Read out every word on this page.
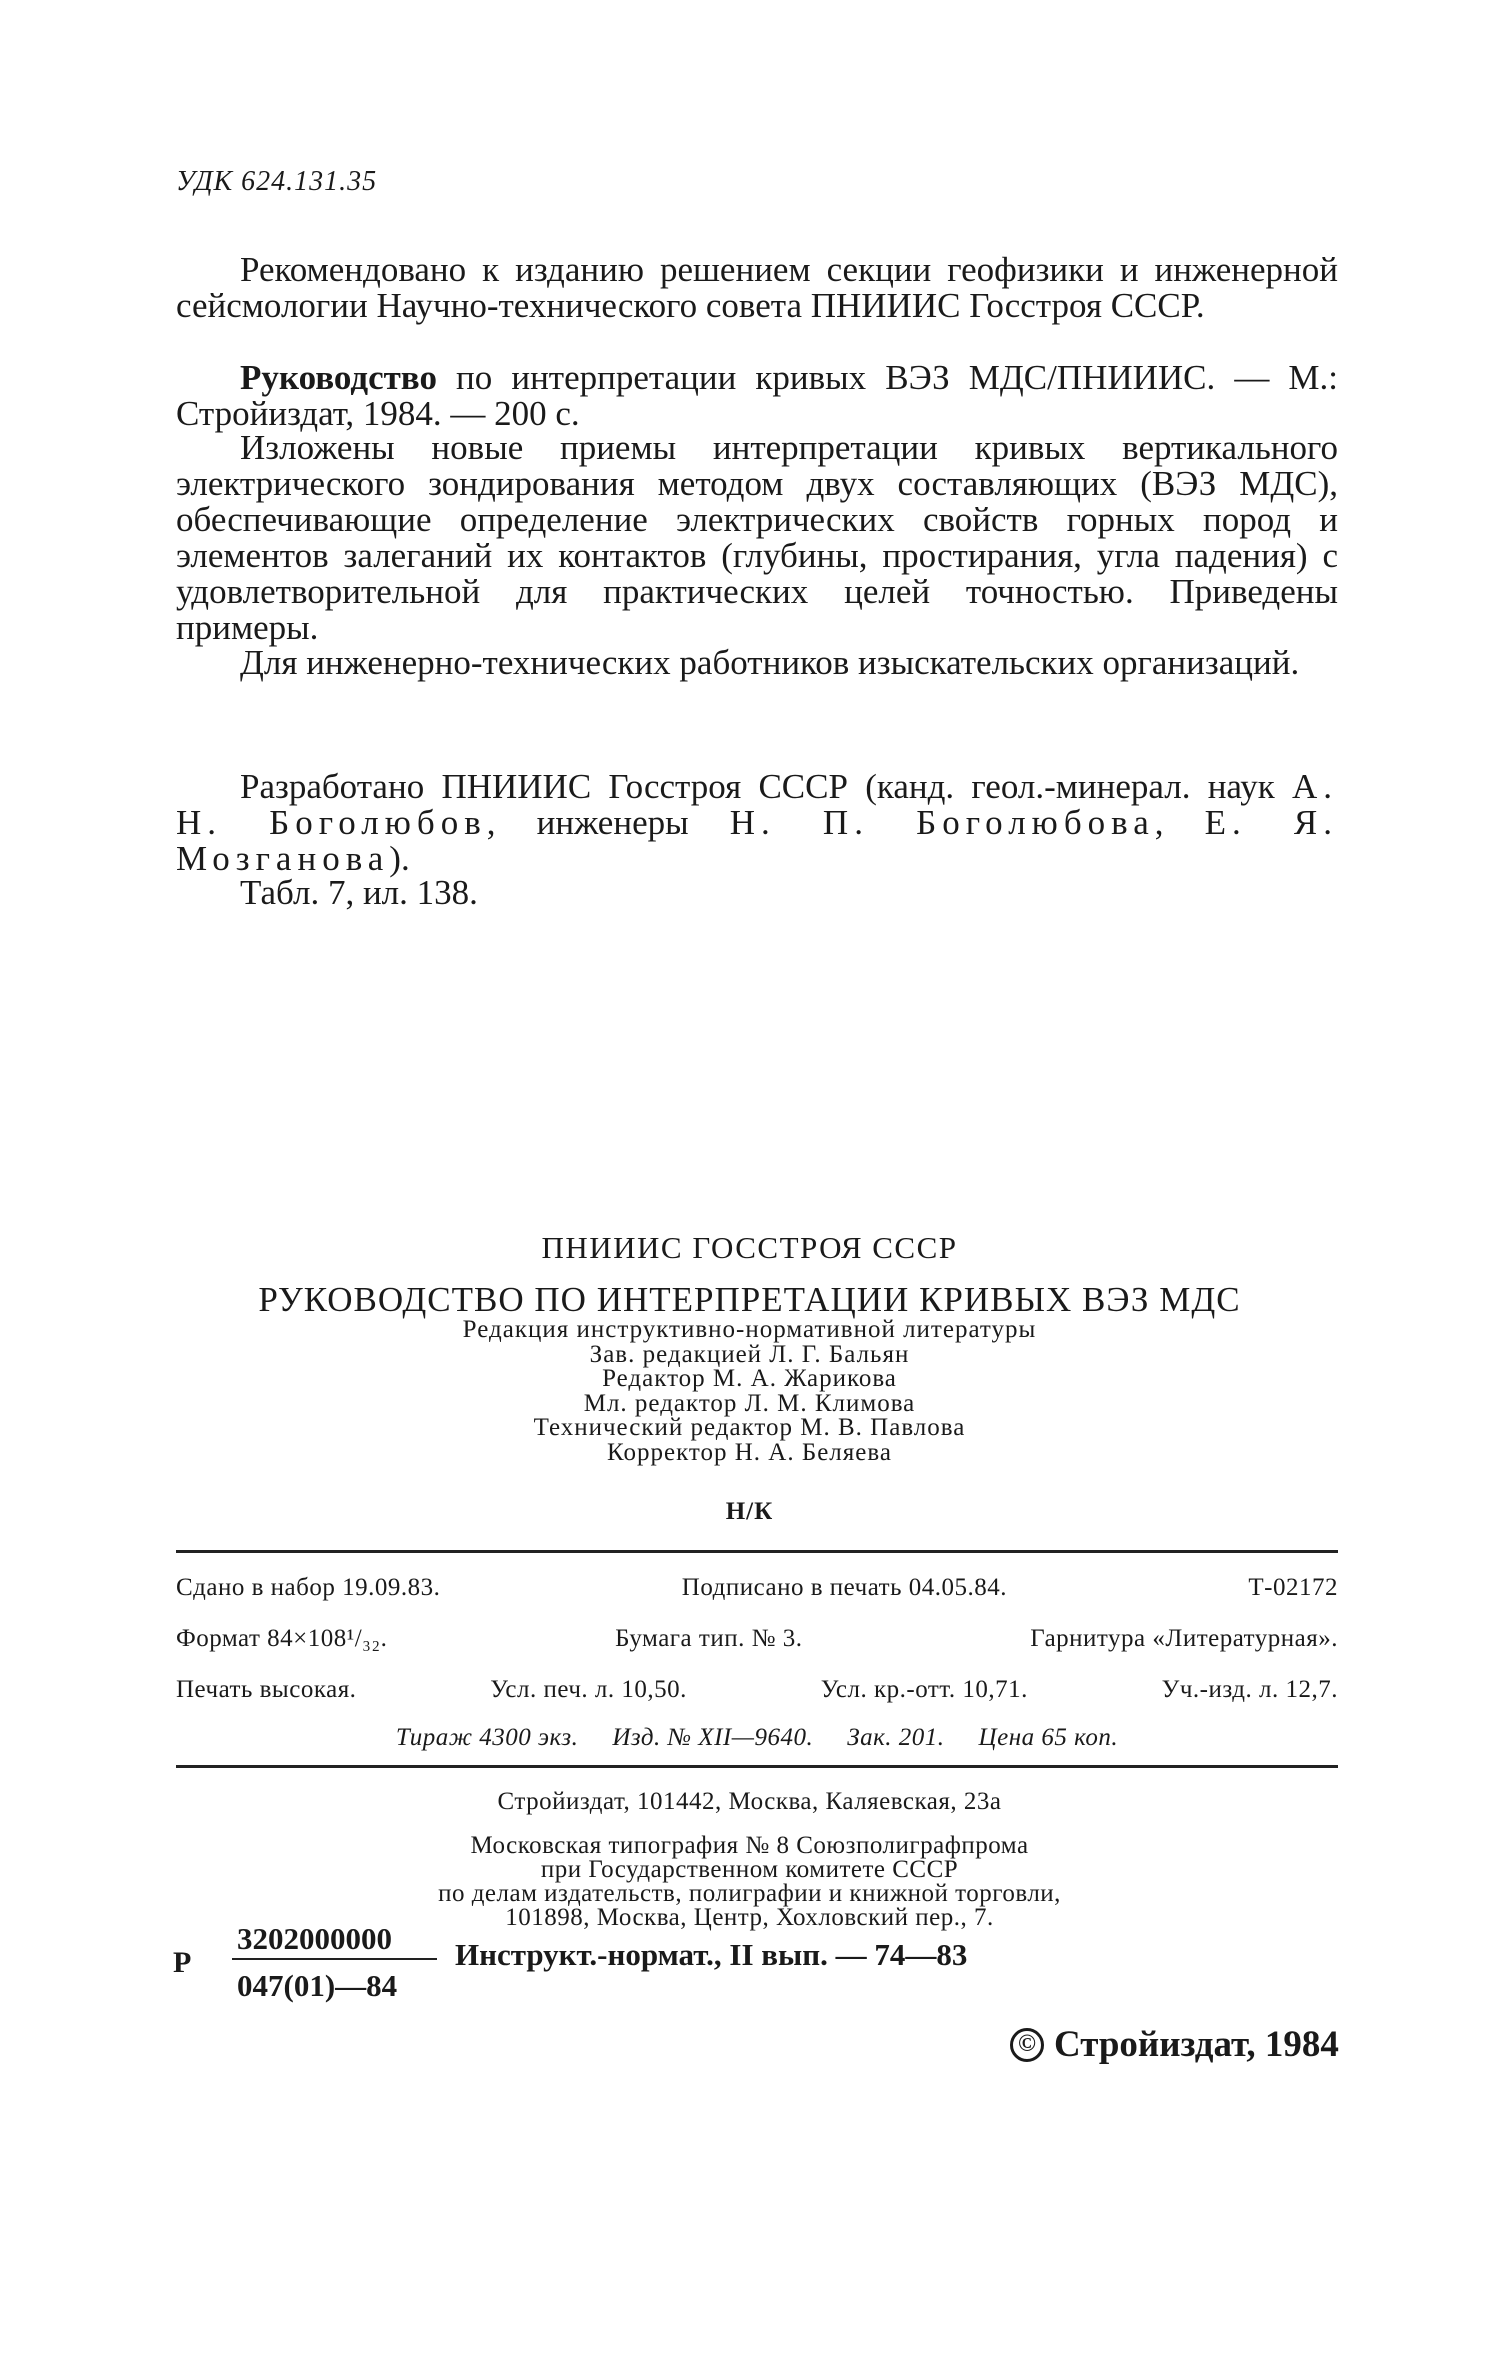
УДК 624.131.35
Рекомендовано к изданию решением секции геофизики и инженерной сейсмологии Научно-технического совета ПНИИИС Госстроя СССР.
Руководство по интерпретации кривых ВЭЗ МДС/ПНИИИС. — М.: Стройиздат, 1984. — 200 с.
Изложены новые приемы интерпретации кривых вертикального электрического зондирования методом двух составляющих (ВЭЗ МДС), обеспечивающие определение электрических свойств горных пород и элементов залеганий их контактов (глубины, простирания, угла падения) с удовлетворительной для практических целей точностью. Приведены примеры.
Для инженерно-технических работников изыскательских организаций.
Разработано ПНИИИС Госстроя СССР (канд. геол.-минерал. наук А. Н. Боголюбов, инженеры Н. П. Боголюбова, Е. Я. Мозганова).
Табл. 7, ил. 138.
ПНИИИС ГОССТРОЯ СССР
РУКОВОДСТВО ПО ИНТЕРПРЕТАЦИИ КРИВЫХ ВЭЗ МДС
Редакция инструктивно-нормативной литературы
Зав. редакцией Л. Г. Бальян
Редактор М. А. Жарикова
Мл. редактор Л. М. Климова
Технический редактор М. В. Павлова
Корректор Н. А. Беляева
Н/К
Сдано в набор 19.09.83.	Подписано в печать 04.05.84.	Т-02172
Формат 84×108¹/₃₂.	Бумага тип. № 3.	Гарнитура «Литературная».
Печать высокая.	Усл. печ. л. 10,50.	Усл. кр.-отт. 10,71.	Уч.-изд. л. 12,7.
Тираж 4300 экз. Изд. № XII—9640. Зак. 201. Цена 65 коп.
Стройиздат, 101442, Москва, Каляевская, 23а
Московская типография № 8 Союзполиграфпрома
при Государственном комитете СССР
по делам издательств, полиграфии и книжной торговли,
101898, Москва, Центр, Хохловский пер., 7.
Р
3202000000
047(01)—84
Инструкт.-нормат., II вып. — 74—83
© Стройиздат, 1984
